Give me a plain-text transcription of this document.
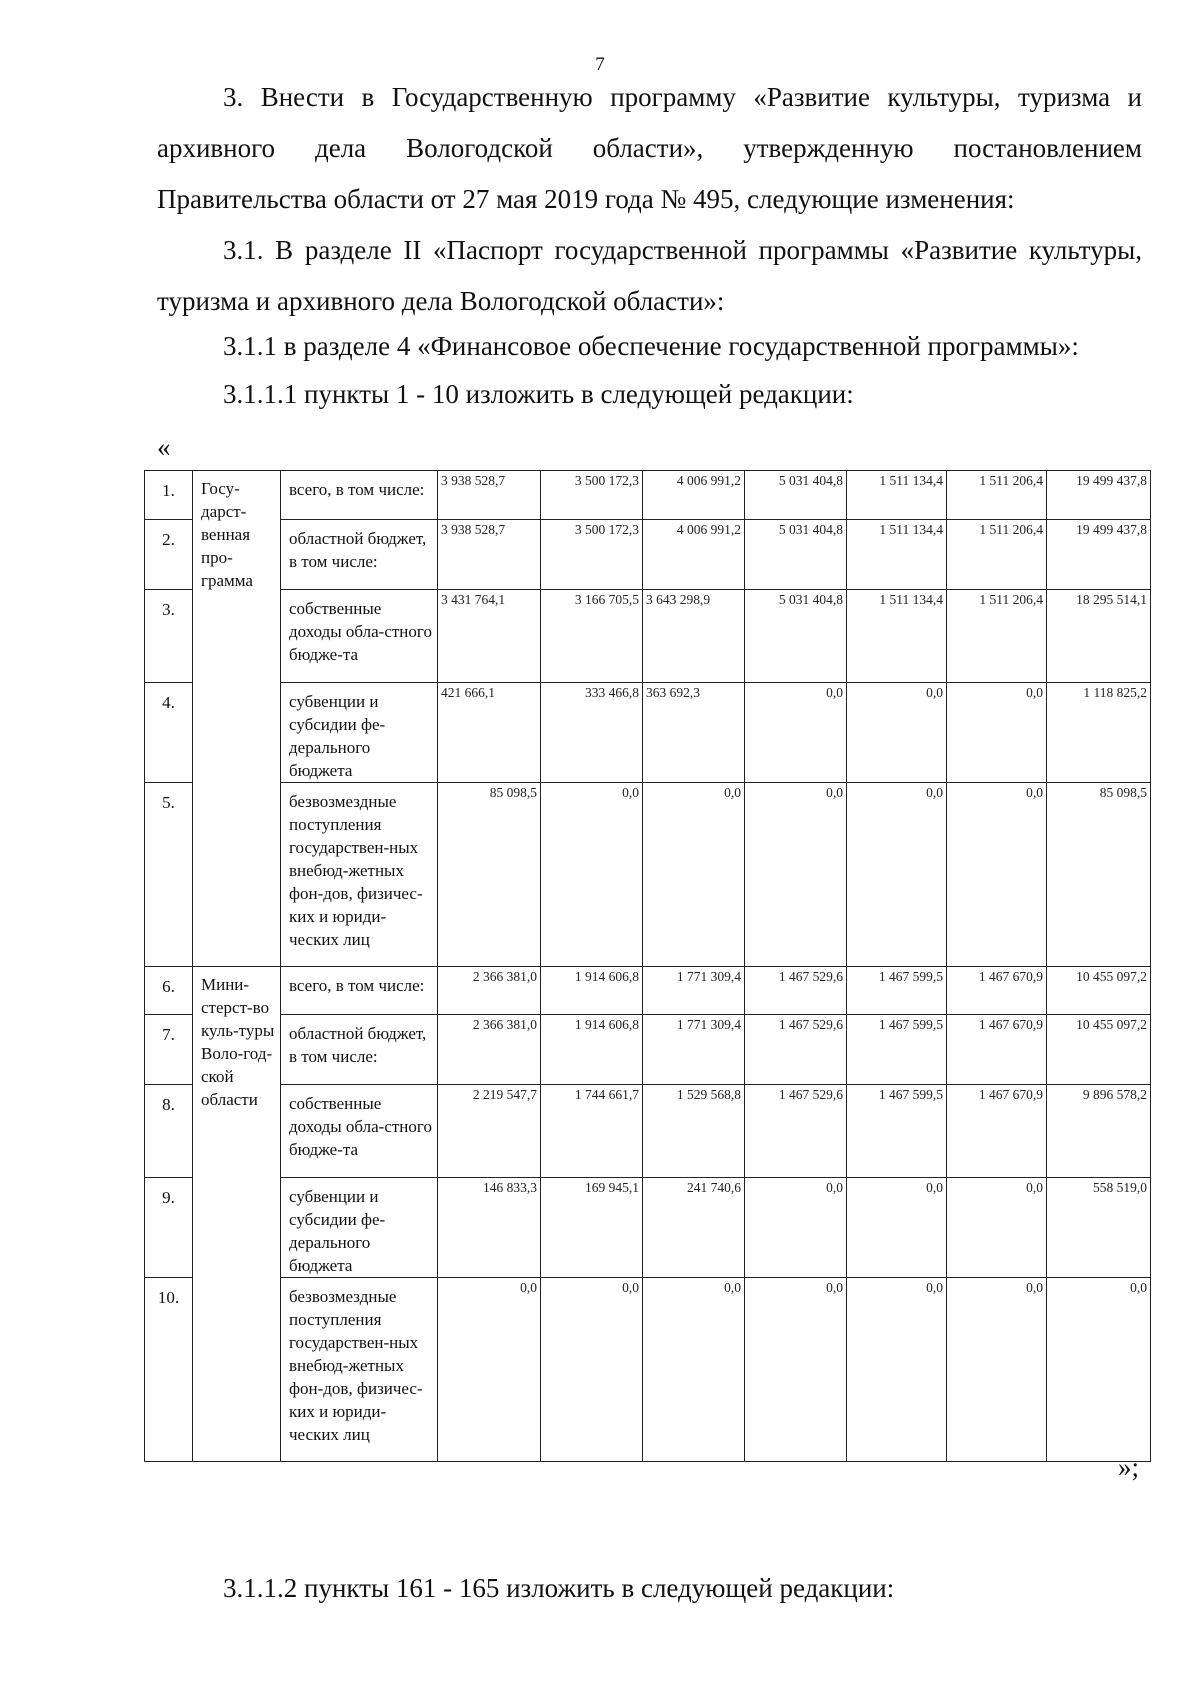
7

3. Внести в Государственную программу «Развитие культуры, туризма и архивного дела Вологодской области», утвержденную постановлением Правительства области от 27 мая 2019 года № 495, следующие изменения:

3.1. В разделе II «Паспорт государственной программы «Развитие культуры, туризма и архивного дела Вологодской области»:

3.1.1 в разделе 4 «Финансовое обеспечение государственной программы»:

3.1.1.1 пункты 1 - 10 изложить в следующей редакции:

«
1.	Госу-дарст-венная про-грамма	всего, в том числе:	3 938 528,7	3 500 172,3	4 006 991,2	5 031 404,8	1 511 134,4	1 511 206,4	19 499 437,8
2.		областной бюджет, в том числе:	3 938 528,7	3 500 172,3	4 006 991,2	5 031 404,8	1 511 134,4	1 511 206,4	19 499 437,8
3.		собственные доходы обла-стного бюдже-та	3 431 764,1	3 166 705,5	3 643 298,9	5 031 404,8	1 511 134,4	1 511 206,4	18 295 514,1
4.		субвенции и субсидии фе-дерального бюджета	421 666,1	333 466,8	363 692,3	0,0	0,0	0,0	1 118 825,2
5.		безвозмездные поступления государствен-ных внебюд-жетных фон-дов, физичес-ких и юриди-ческих лиц	85 098,5	0,0	0,0	0,0	0,0	0,0	85 098,5
6.	Мини-стерст-во куль-туры Воло-год-ской области	всего, в том числе:	2 366 381,0	1 914 606,8	1 771 309,4	1 467 529,6	1 467 599,5	1 467 670,9	10 455 097,2
7.		областной бюджет, в том числе:	2 366 381,0	1 914 606,8	1 771 309,4	1 467 529,6	1 467 599,5	1 467 670,9	10 455 097,2
8.		собственные доходы обла-стного бюдже-та	2 219 547,7	1 744 661,7	1 529 568,8	1 467 529,6	1 467 599,5	1 467 670,9	9 896 578,2
9.		субвенции и субсидии фе-дерального бюджета	146 833,3	169 945,1	241 740,6	0,0	0,0	0,0	558 519,0
10.		безвозмездные поступления государствен-ных внебюд-жетных фон-дов, физичес-ких и юриди-ческих лиц	0,0	0,0	0,0	0,0	0,0	0,0	0,0
»;

3.1.1.2 пункты 161 - 165 изложить в следующей редакции:
